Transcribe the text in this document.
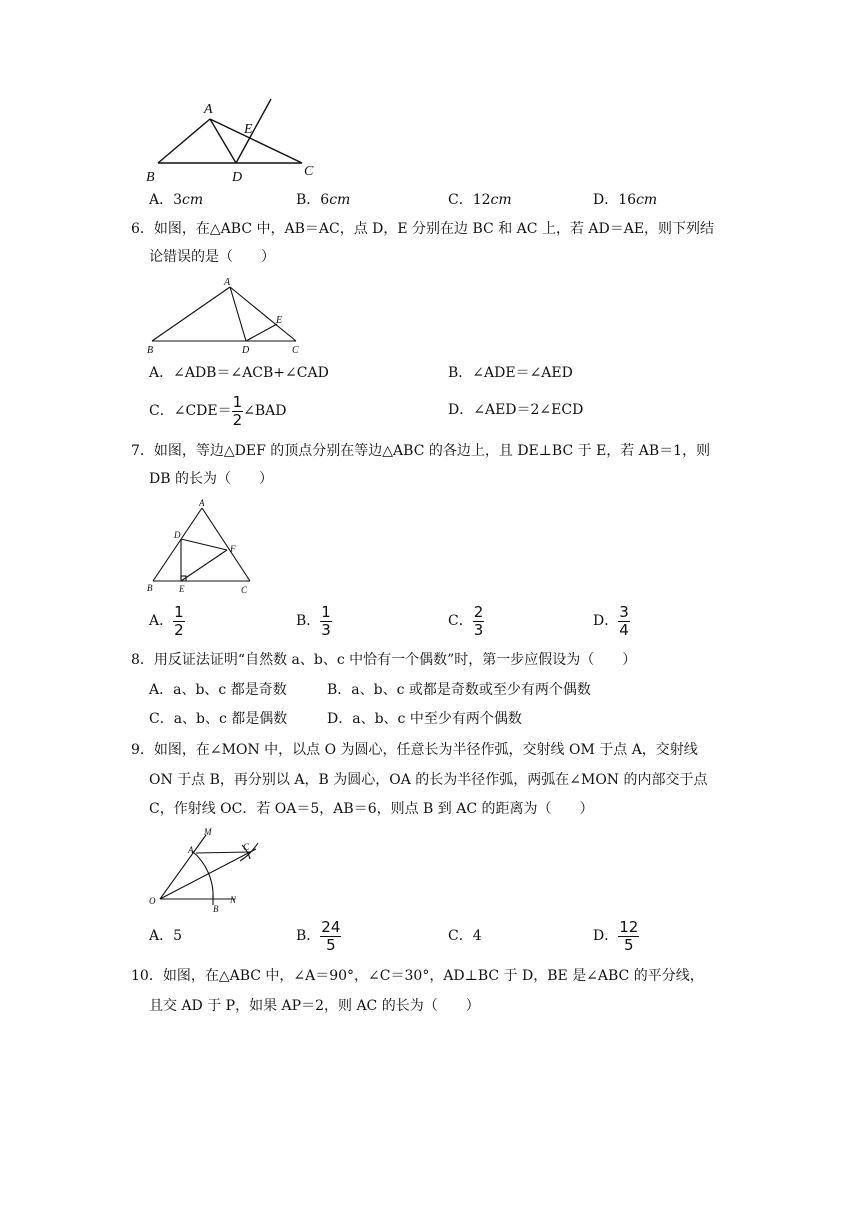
A
B	C
D
E
A．3cm	B．6cm	C．12cm	D．16cm
6．如图，在△ABC 中，AB＝AC，点 D，E 分别在边 BC 和 AC 上，若 AD＝AE，则下列结
论错误的是（　　）
A
B	C
D
E
A．∠ADB＝∠ACB+∠CAD	B．∠ADE＝∠AED
C．∠CDE＝ $\frac{1}{2}$ ∠BAD	D．∠AED＝2∠ECD
7．如图，等边△DEF 的顶点分别在等边△ABC 的各边上，且 DE⊥BC 于 E，若 AB＝1，则
DB 的长为（　　）
A
B	C
D
E
F
A． $\frac{1}{2}$	B． $\frac{1}{3}$	C． $\frac{2}{3}$	D． $\frac{3}{4}$
8．用反证法证明“自然数 a、b、c 中恰有一个偶数”时，第一步应假设为（　　）
A．a、b、c 都是奇数	B．a、b、c 或都是奇数或至少有两个偶数
C．a、b、c 都是偶数	D．a、b、c 中至少有两个偶数
9．如图，在∠MON 中，以点 O 为圆心，任意长为半径作弧，交射线 OM 于点 A，交射线
ON 于点 B，再分别以 A，B 为圆心，OA 的长为半径作弧，两弧在∠MON 的内部交于点
C，作射线 OC．若 OA＝5，AB＝6，则点 B 到 AC 的距离为（　　）
M
A	C
O
B
N
A．5	B． $\frac{24}{5}$	C．4	D． $\frac{12}{5}$
10．如图，在△ABC 中，∠A＝90°，∠C＝30°，AD⊥BC 于 D，BE 是∠ABC 的平分线，
且交 AD 于 P，如果 AP＝2，则 AC 的长为（　　）
